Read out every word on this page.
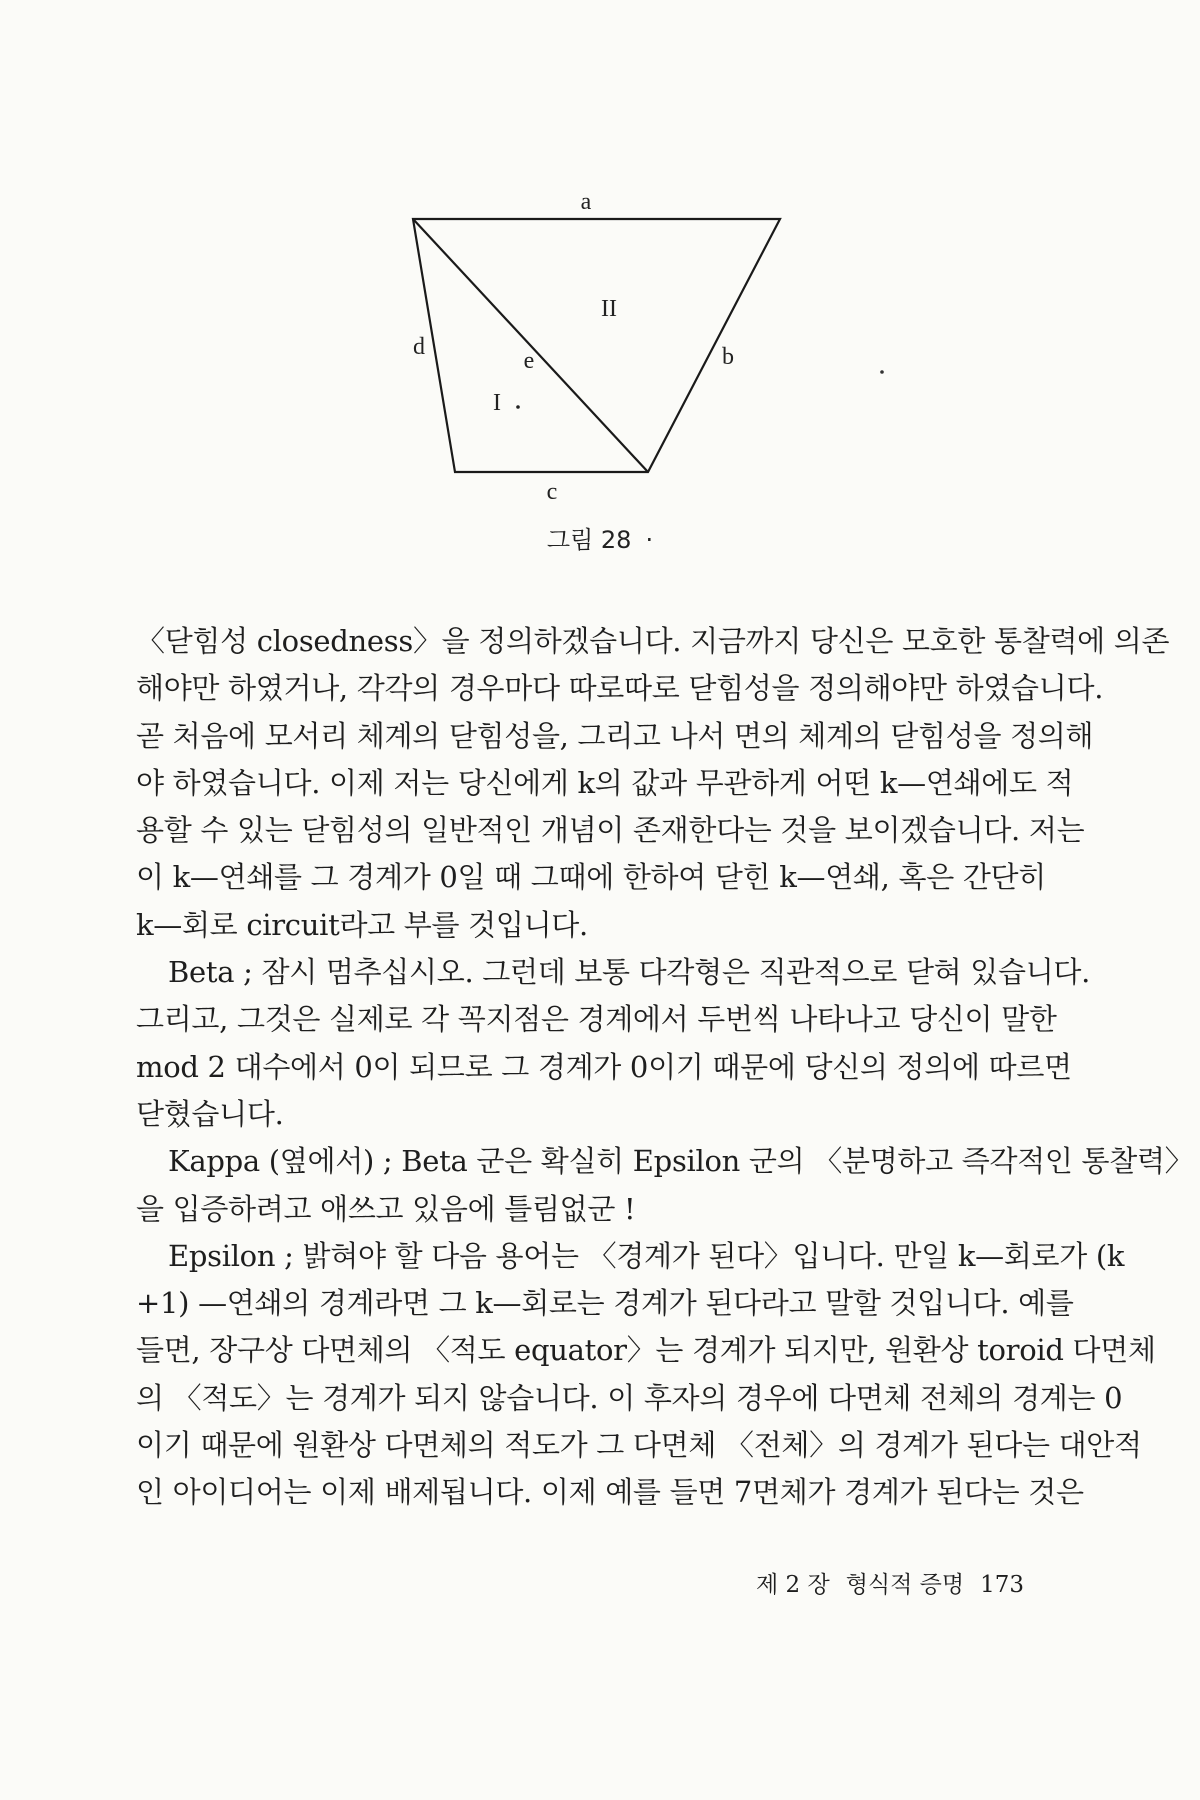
a
b
c
d
e
I
II
그림 28 ·

〈닫힘성 closedness〉을 정의하겠습니다. 지금까지 당신은 모호한 통찰력에 의존

해야만 하였거나, 각각의 경우마다 따로따로 닫힘성을 정의해야만 하였습니다.

곧 처음에 모서리 체계의 닫힘성을, 그리고 나서 면의 체계의 닫힘성을 정의해

야 하였습니다. 이제 저는 당신에게 k의 값과 무관하게 어떤 k—연쇄에도 적

용할 수 있는 닫힘성의 일반적인 개념이 존재한다는 것을 보이겠습니다. 저는

이 k—연쇄를 그 경계가 0일 때 그때에 한하여 닫힌 k—연쇄, 혹은 간단히

k—회로 circuit라고 부를 것입니다.

Beta ; 잠시 멈추십시오. 그런데 보통 다각형은 직관적으로 닫혀 있습니다.

그리고, 그것은 실제로 각 꼭지점은 경계에서 두번씩 나타나고 당신이 말한

mod 2 대수에서 0이 되므로 그 경계가 0이기 때문에 당신의 정의에 따르면

닫혔습니다.

Kappa (옆에서) ; Beta 군은 확실히 Epsilon 군의 〈분명하고 즉각적인 통찰력〉

을 입증하려고 애쓰고 있음에 틀림없군 !

Epsilon ; 밝혀야 할 다음 용어는 〈경계가 된다〉입니다. 만일 k—회로가 (k

+1) —연쇄의 경계라면 그 k—회로는 경계가 된다라고 말할 것입니다. 예를

들면, 장구상 다면체의 〈적도 equator〉는 경계가 되지만, 원환상 toroid 다면체

의 〈적도〉는 경계가 되지 않습니다. 이 후자의 경우에 다면체 전체의 경계는 0

이기 때문에 원환상 다면체의 적도가 그 다면체 〈전체〉의 경계가 된다는 대안적

인 아이디어는 이제 배제됩니다. 이제 예를 들면 7면체가 경계가 된다는 것은

제 2 장 형식적 증명 173
